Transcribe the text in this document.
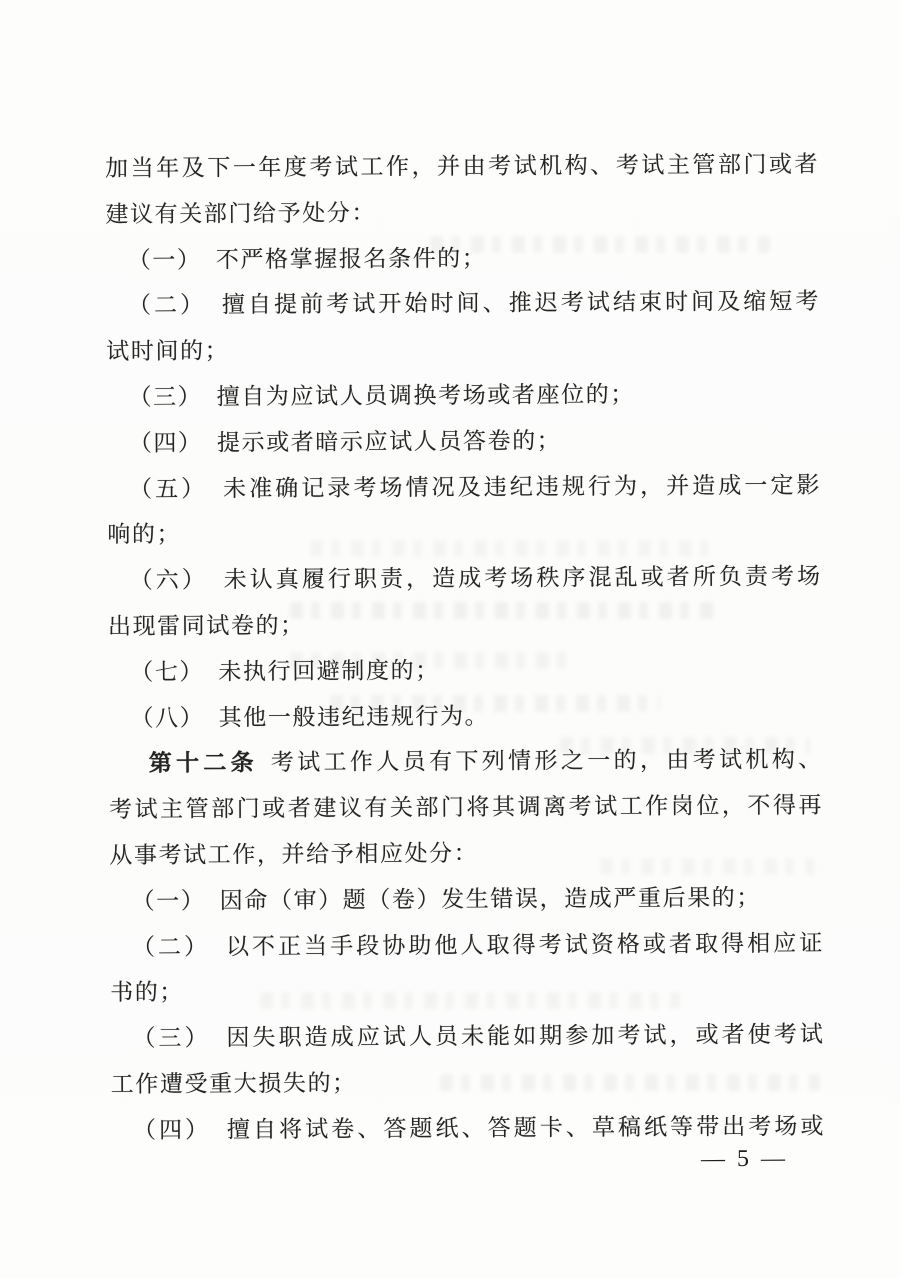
加当年及下一年度考试工作，并由考试机构、考试主管部门或者
建议有关部门给予处分：
（一） 不严格掌握报名条件的；
（二） 擅自提前考试开始时间、推迟考试结束时间及缩短考
试时间的；
（三） 擅自为应试人员调换考场或者座位的；
（四） 提示或者暗示应试人员答卷的；
（五） 未准确记录考场情况及违纪违规行为，并造成一定影
响的；
（六） 未认真履行职责，造成考场秩序混乱或者所负责考场
出现雷同试卷的；
（七） 未执行回避制度的；
（八） 其他一般违纪违规行为。
第十二条 考试工作人员有下列情形之一的，由考试机构、
考试主管部门或者建议有关部门将其调离考试工作岗位，不得再
从事考试工作，并给予相应处分：
（一） 因命（审）题（卷）发生错误，造成严重后果的；
（二） 以不正当手段协助他人取得考试资格或者取得相应证
书的；
（三） 因失职造成应试人员未能如期参加考试，或者使考试
工作遭受重大损失的；
（四） 擅自将试卷、答题纸、答题卡、草稿纸等带出考场或
— 5 —
